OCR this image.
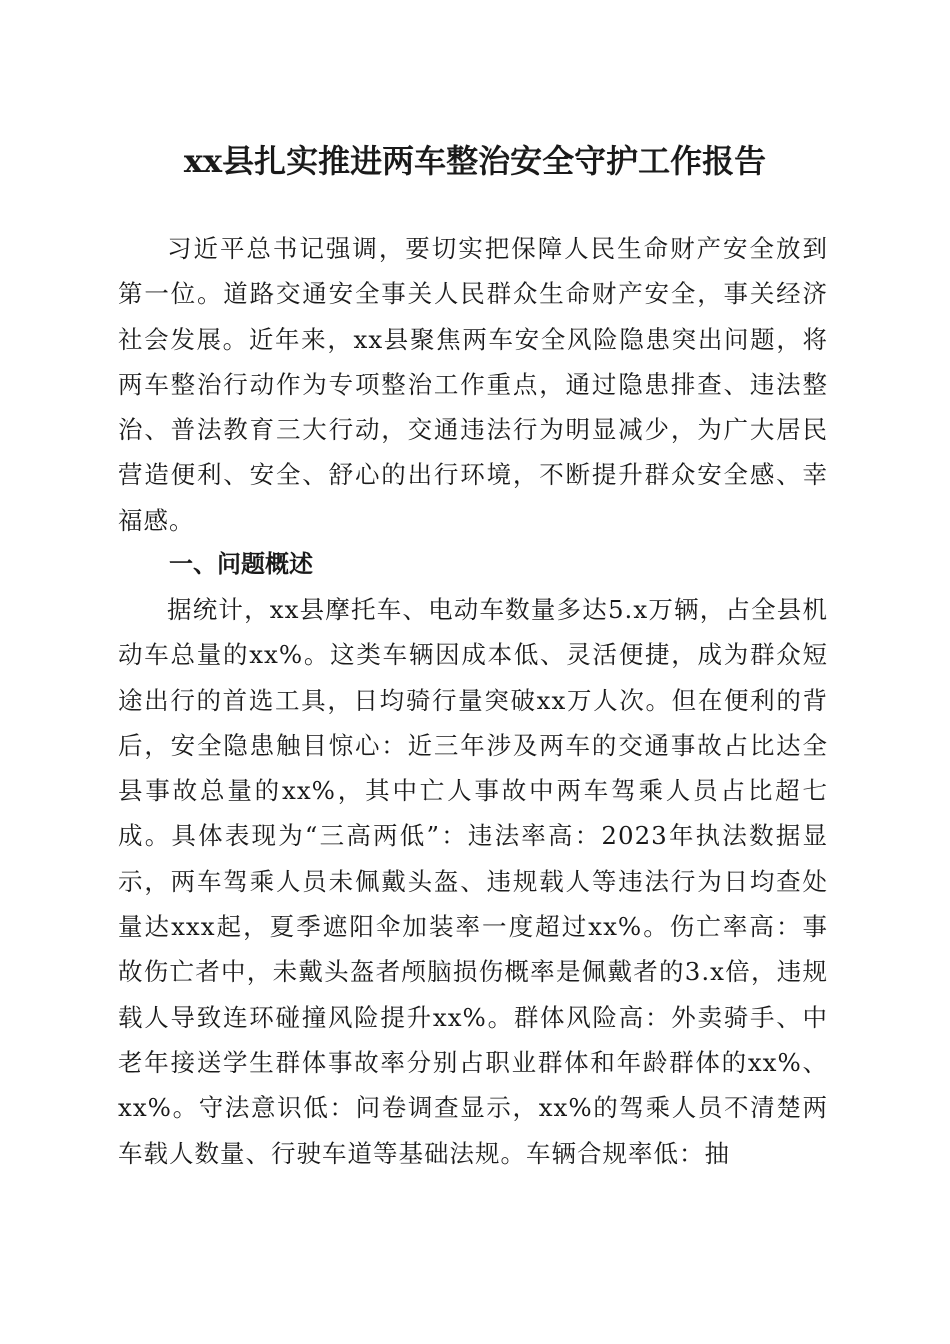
xx县扎实推进两车整治安全守护工作报告

习近平总书记强调，要切实把保障人民生命财产安全放到第一位。道路交通安全事关人民群众生命财产安全，事关经济社会发展。近年来，xx县聚焦两车安全风险隐患突出问题，将两车整治行动作为专项整治工作重点，通过隐患排查、违法整治、普法教育三大行动，交通违法行为明显减少，为广大居民营造便利、安全、舒心的出行环境，不断提升群众安全感、幸福感。

一、问题概述

据统计，xx县摩托车、电动车数量多达5.x万辆，占全县机动车总量的xx%。这类车辆因成本低、灵活便捷，成为群众短途出行的首选工具，日均骑行量突破xx万人次。但在便利的背后，安全隐患触目惊心：近三年涉及两车的交通事故占比达全县事故总量的xx%，其中亡人事故中两车驾乘人员占比超七成。具体表现为“三高两低”：违法率高：2023年执法数据显示，两车驾乘人员未佩戴头盔、违规载人等违法行为日均查处量达xxx起，夏季遮阳伞加装率一度超过xx%。伤亡率高：事故伤亡者中，未戴头盔者颅脑损伤概率是佩戴者的3.x倍，违规载人导致连环碰撞风险提升xx%。群体风险高：外卖骑手、中老年接送学生群体事故率分别占职业群体和年龄群体的xx%、xx%。守法意识低：问卷调查显示，xx%的驾乘人员不清楚两车载人数量、行驶车道等基础法规。车辆合规率低：抽
